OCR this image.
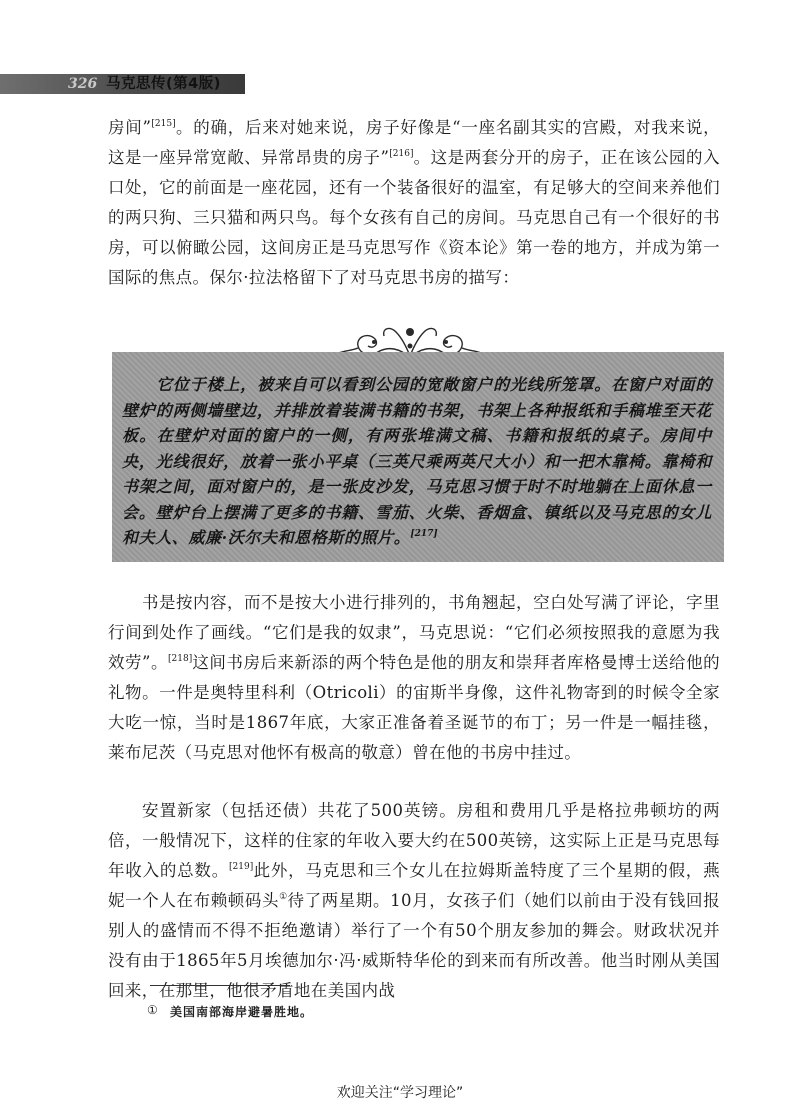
326 马克思传(第4版)

房间”[215]。的确，后来对她来说，房子好像是“一座名副其实的宫殿，对我来说，这是一座异常宽敞、异常昂贵的房子”[216]。这是两套分开的房子，正在该公园的入口处，它的前面是一座花园，还有一个装备很好的温室，有足够大的空间来养他们的两只狗、三只猫和两只鸟。每个女孩有自己的房间。马克思自己有一个很好的书房，可以俯瞰公园，这间房正是马克思写作《资本论》第一卷的地方，并成为第一国际的焦点。保尔·拉法格留下了对马克思书房的描写：

它位于楼上，被来自可以看到公园的宽敞窗户的光线所笼罩。在窗户对面的壁炉的两侧墙壁边，并排放着装满书籍的书架，书架上各种报纸和手稿堆至天花板。在壁炉对面的窗户的一侧，有两张堆满文稿、书籍和报纸的桌子。房间中央，光线很好，放着一张小平桌（三英尺乘两英尺大小）和一把木靠椅。靠椅和书架之间，面对窗户的，是一张皮沙发，马克思习惯于时不时地躺在上面休息一会。壁炉台上摆满了更多的书籍、雪茄、火柴、香烟盒、镇纸以及马克思的女儿和夫人、威廉·沃尔夫和恩格斯的照片。[217]

书是按内容，而不是按大小进行排列的，书角翘起，空白处写满了评论，字里行间到处作了画线。“它们是我的奴隶”，马克思说：“它们必须按照我的意愿为我效劳”。[218]这间书房后来新添的两个特色是他的朋友和崇拜者库格曼博士送给他的礼物。一件是奥特里科利（Otricoli）的宙斯半身像，这件礼物寄到的时候令全家大吃一惊，当时是1867年底，大家正准备着圣诞节的布丁；另一件是一幅挂毯，莱布尼茨（马克思对他怀有极高的敬意）曾在他的书房中挂过。

安置新家（包括还债）共花了500英镑。房租和费用几乎是格拉弗顿坊的两倍，一般情况下，这样的住家的年收入要大约在500英镑，这实际上正是马克思每年收入的总数。[219]此外，马克思和三个女儿在拉姆斯盖特度了三个星期的假，燕妮一个人在布赖顿码头①待了两星期。10月，女孩子们（她们以前由于没有钱回报别人的盛情而不得不拒绝邀请）举行了一个有50个朋友参加的舞会。财政状况并没有由于1865年5月埃德加尔·冯·威斯特华伦的到来而有所改善。他当时刚从美国回来，在那里，他很矛盾地在美国内战

① 美国南部海岸避暑胜地。
欢迎关注“学习理论”
